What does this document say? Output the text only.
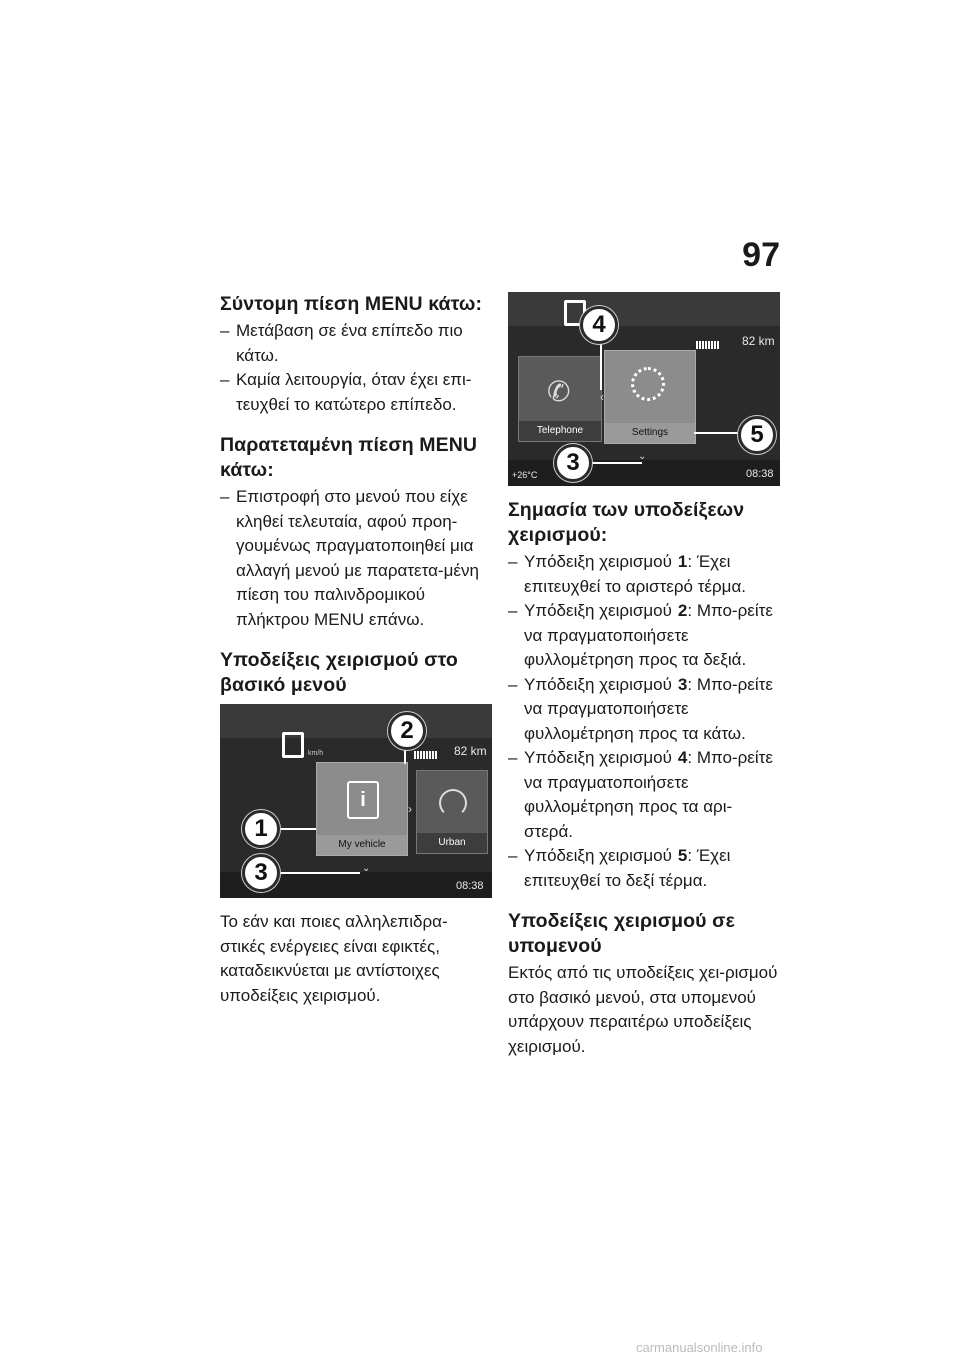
97
Σύντομη πίεση MENU κάτω:
– Μετάβαση σε ένα επίπεδο πιο κάτω.
– Καμία λειτουργία, όταν έχει επι-τευχθεί το κατώτερο επίπεδο.
Παρατεταμένη πίεση MENU κάτω:
– Επιστροφή στο μενού που είχε κληθεί τελευταία, αφού προη-γουμένως πραγματοποιηθεί μια αλλαγή μενού με παρατετα-μένη πίεση του παλινδρομικού πλήκτρου MENU επάνω.
Υποδείξεις χειρισμού στο βασικό μενού
km/h	82 km
i
My vehicle
›
Urban
⌄
08:38
1
2
3

Το εάν και ποιες αλληλεπιδρα-στικές ενέργειες είναι εφικτές, καταδεικνύεται με αντίστοιχες υποδείξεις χειρισμού.

82 km
✆
Telephone
‹
Settings
+26°C
⌄
08:38
4
5
3
Σημασία των υποδείξεων χειρισμού:
– Υπόδειξη χειρισμού 1: Έχει επιτευχθεί το αριστερό τέρμα.
– Υπόδειξη χειρισμού 2: Μπο-ρείτε να πραγματοποιήσετε φυλλομέτρηση προς τα δεξιά.
– Υπόδειξη χειρισμού 3: Μπο-ρείτε να πραγματοποιήσετε φυλλομέτρηση προς τα κάτω.
– Υπόδειξη χειρισμού 4: Μπο-ρείτε να πραγματοποιήσετε φυλλομέτρηση προς τα αρι-στερά.
– Υπόδειξη χειρισμού 5: Έχει επιτευχθεί το δεξί τέρμα.
Υποδείξεις χειρισμού σε υπομενού

Εκτός από τις υποδείξεις χει-ρισμού στο βασικό μενού, στα υπομενού υπάρχουν περαιτέρω υποδείξεις χειρισμού.

carmanualsonline.info
